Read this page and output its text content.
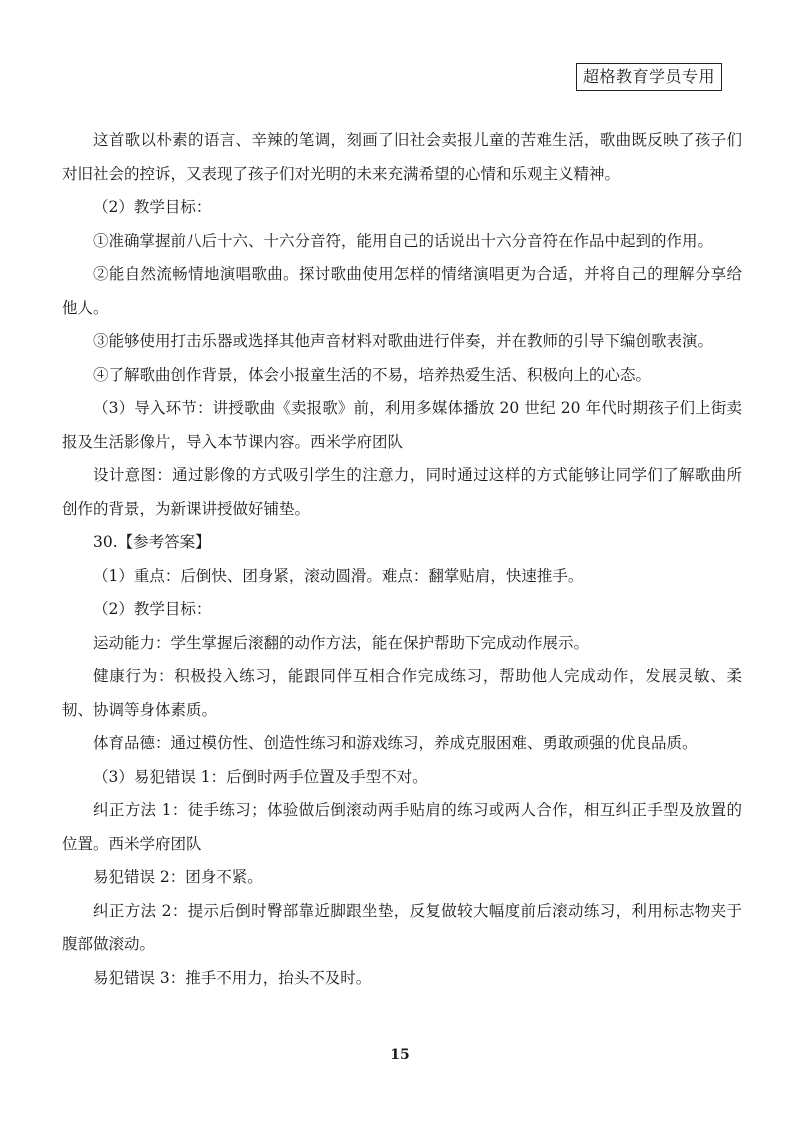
超格教育学员专用

这首歌以朴素的语言、辛辣的笔调，刻画了旧社会卖报儿童的苦难生活，歌曲既反映了孩子们对旧社会的控诉，又表现了孩子们对光明的未来充满希望的心情和乐观主义精神。

（2）教学目标：

①准确掌握前八后十六、十六分音符，能用自己的话说出十六分音符在作品中起到的作用。

②能自然流畅情地演唱歌曲。探讨歌曲使用怎样的情绪演唱更为合适，并将自己的理解分享给他人。

③能够使用打击乐器或选择其他声音材料对歌曲进行伴奏，并在教师的引导下编创歌表演。

④了解歌曲创作背景，体会小报童生活的不易，培养热爱生活、积极向上的心态。

（3）导入环节：讲授歌曲《卖报歌》前，利用多媒体播放 20 世纪 20 年代时期孩子们上街卖报及生活影像片，导入本节课内容。西米学府团队

设计意图：通过影像的方式吸引学生的注意力，同时通过这样的方式能够让同学们了解歌曲所创作的背景，为新课讲授做好铺垫。

30.【参考答案】

（1）重点：后倒快、团身紧，滚动圆滑。难点：翻掌贴肩，快速推手。

（2）教学目标：

运动能力：学生掌握后滚翻的动作方法，能在保护帮助下完成动作展示。

健康行为：积极投入练习，能跟同伴互相合作完成练习，帮助他人完成动作，发展灵敏、柔韧、协调等身体素质。

体育品德：通过模仿性、创造性练习和游戏练习，养成克服困难、勇敢顽强的优良品质。

（3）易犯错误 1：后倒时两手位置及手型不对。

纠正方法 1：徒手练习；体验做后倒滚动两手贴肩的练习或两人合作，相互纠正手型及放置的位置。西米学府团队

易犯错误 2：团身不紧。

纠正方法 2：提示后倒时臀部靠近脚跟坐垫，反复做较大幅度前后滚动练习，利用标志物夹于腹部做滚动。

易犯错误 3：推手不用力，抬头不及时。

15
